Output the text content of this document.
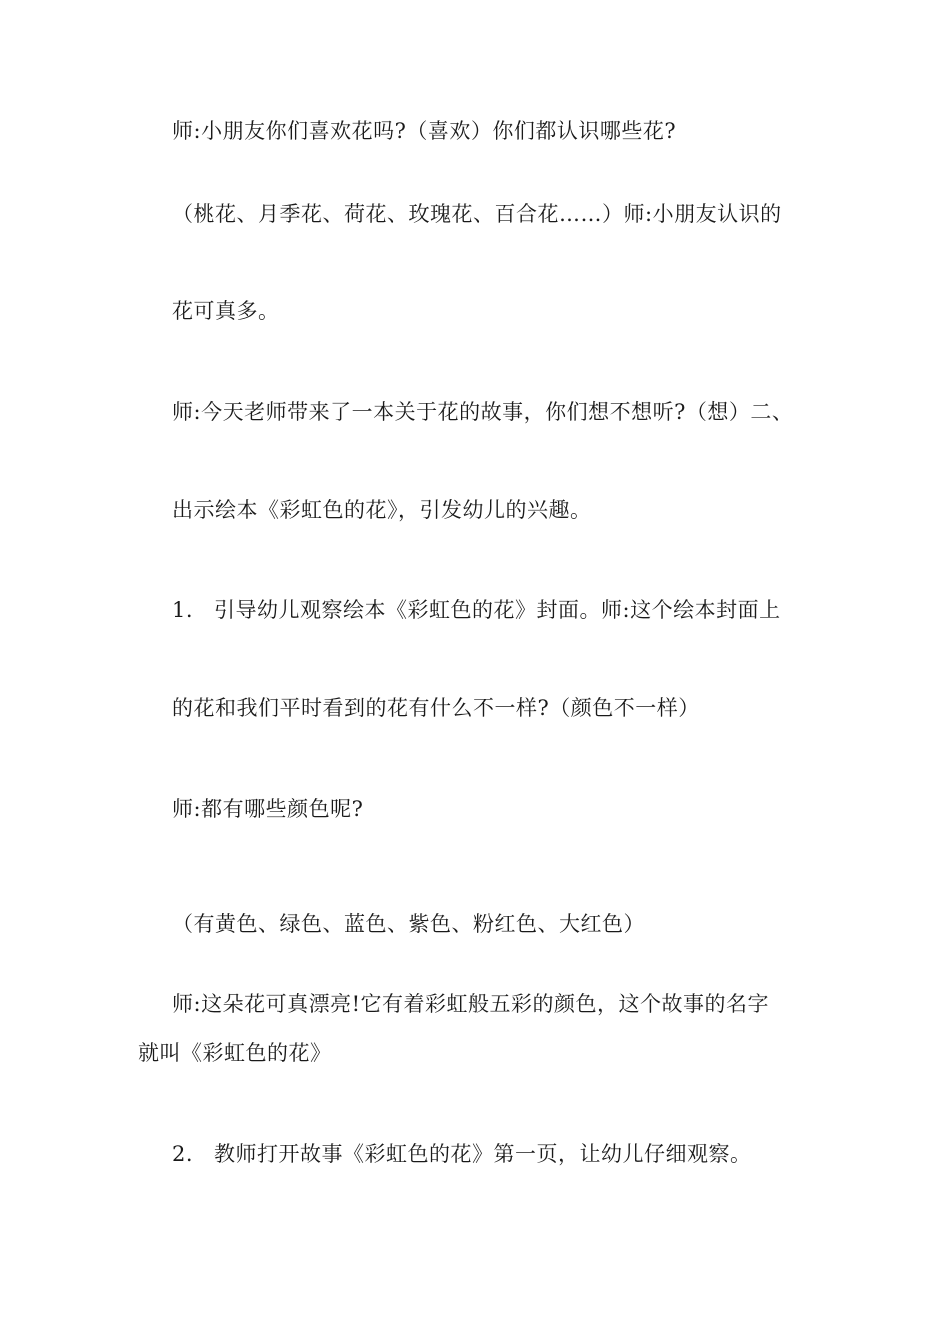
师:小朋友你们喜欢花吗?（喜欢）你们都认识哪些花?
（桃花、月季花、荷花、玫瑰花、百合花……）师:小朋友认识的
花可真多。
师:今天老师带来了一本关于花的故事，你们想不想听?（想）二、
出示绘本《彩虹色的花》，引发幼儿的兴趣。
1. 引导幼儿观察绘本《彩虹色的花》封面。师:这个绘本封面上
的花和我们平时看到的花有什么不一样?（颜色不一样）
师:都有哪些颜色呢?
（有黄色、绿色、蓝色、紫色、粉红色、大红色）
师:这朵花可真漂亮!它有着彩虹般五彩的颜色，这个故事的名字
就叫《彩虹色的花》
2. 教师打开故事《彩虹色的花》第一页，让幼儿仔细观察。
